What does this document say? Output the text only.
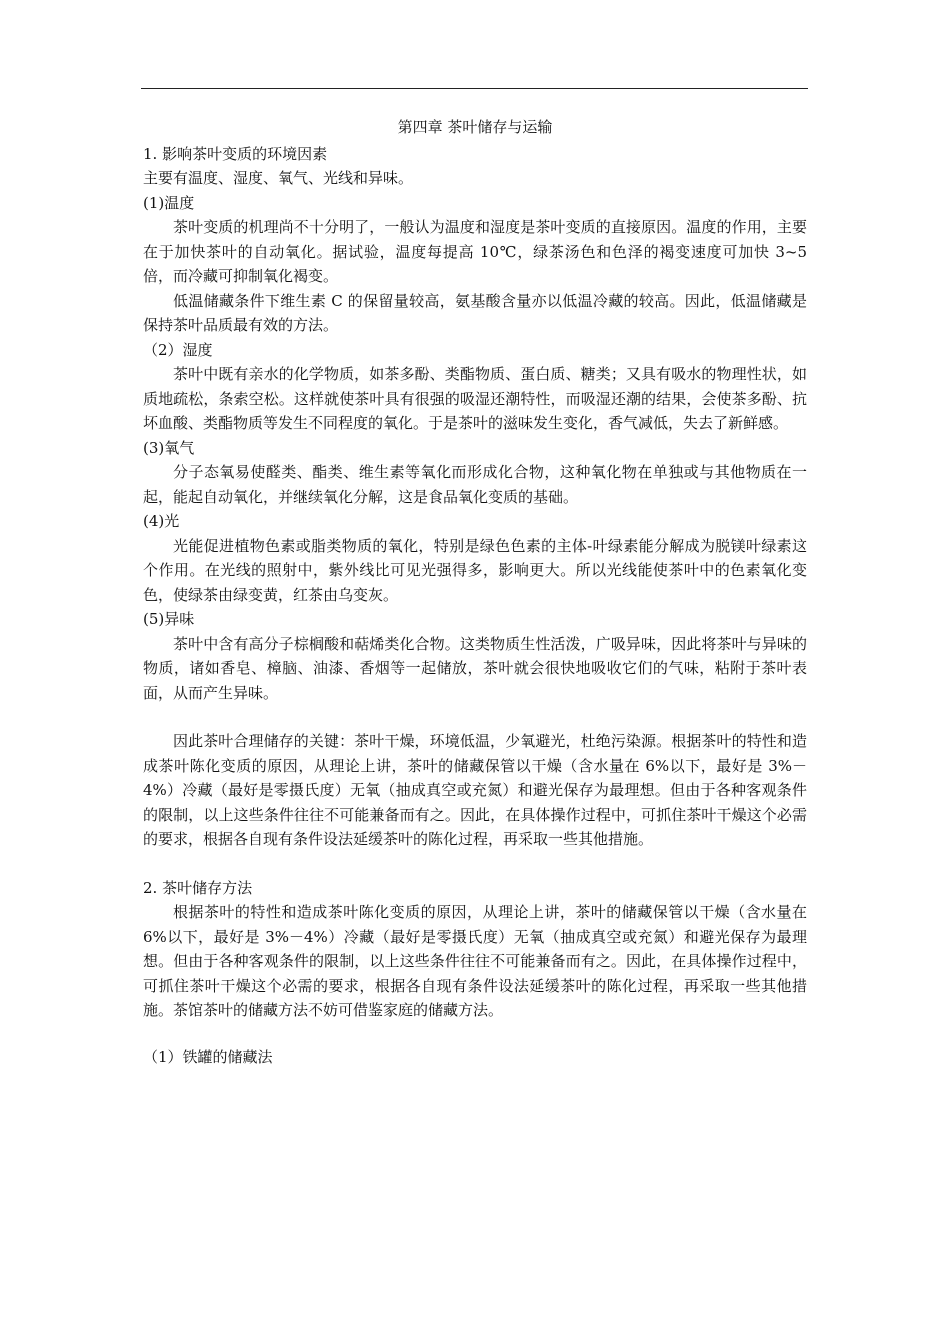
第四章 茶叶储存与运输

1. 影响茶叶变质的环境因素

主要有温度、湿度、氧气、光线和异味。

(1)温度

茶叶变质的机理尚不十分明了，一般认为温度和湿度是茶叶变质的直接原因。温度的作用，主要在于加快茶叶的自动氧化。据试验，温度每提高 10℃，绿茶汤色和色泽的褐变速度可加快 3~5 倍，而冷藏可抑制氧化褐变。

低温储藏条件下维生素 C 的保留量较高，氨基酸含量亦以低温冷藏的较高。因此，低温储藏是保持茶叶品质最有效的方法。

（2）湿度

茶叶中既有亲水的化学物质，如茶多酚、类酯物质、蛋白质、糖类；又具有吸水的物理性状，如质地疏松，条索空松。这样就使茶叶具有很强的吸湿还潮特性，而吸湿还潮的结果，会使茶多酚、抗坏血酸、类酯物质等发生不同程度的氧化。于是茶叶的滋味发生变化，香气减低，失去了新鲜感。

(3)氧气

分子态氧易使醛类、酯类、维生素等氧化而形成化合物，这种氧化物在单独或与其他物质在一起，能起自动氧化，并继续氧化分解，这是食品氧化变质的基础。

(4)光

光能促进植物色素或脂类物质的氧化，特别是绿色色素的主体-叶绿素能分解成为脱镁叶绿素这个作用。在光线的照射中，紫外线比可见光强得多，影响更大。所以光线能使茶叶中的色素氧化变色，使绿茶由绿变黄，红茶由乌变灰。

(5)异味

茶叶中含有高分子棕榈酸和萜烯类化合物。这类物质生性活泼，广吸异味，因此将茶叶与异味的物质，诸如香皂、樟脑、油漆、香烟等一起储放，茶叶就会很快地吸收它们的气味，粘附于茶叶表面，从而产生异味。

因此茶叶合理储存的关键：茶叶干燥，环境低温，少氧避光，杜绝污染源。根据茶叶的特性和造成茶叶陈化变质的原因，从理论上讲，茶叶的储藏保管以干燥（含水量在 6%以下，最好是 3%－4%）冷藏（最好是零摄氏度）无氧（抽成真空或充氮）和避光保存为最理想。但由于各种客观条件的限制，以上这些条件往往不可能兼备而有之。因此，在具体操作过程中，可抓住茶叶干燥这个必需的要求，根据各自现有条件设法延缓茶叶的陈化过程，再采取一些其他措施。

2. 茶叶储存方法

根据茶叶的特性和造成茶叶陈化变质的原因，从理论上讲，茶叶的储藏保管以干燥（含水量在 6%以下，最好是 3%－4%）冷藏（最好是零摄氏度）无氧（抽成真空或充氮）和避光保存为最理想。但由于各种客观条件的限制，以上这些条件往往不可能兼备而有之。因此，在具体操作过程中，可抓住茶叶干燥这个必需的要求，根据各自现有条件设法延缓茶叶的陈化过程，再采取一些其他措施。茶馆茶叶的储藏方法不妨可借鉴家庭的储藏方法。

（1）铁罐的储藏法
